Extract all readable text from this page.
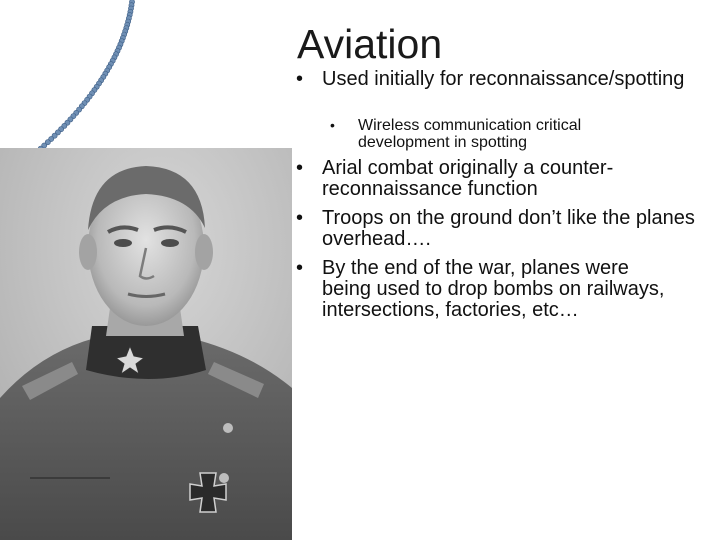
Aviation
• Used initially for reconnaissance/spotting
•	Wireless communication critical development in spotting
• Arial combat originally a counter-reconnaissance function
• Troops on the ground don’t like the planes overhead….
• By the end of the war, planes were being used to drop bombs on railways, intersections, factories, etc…
